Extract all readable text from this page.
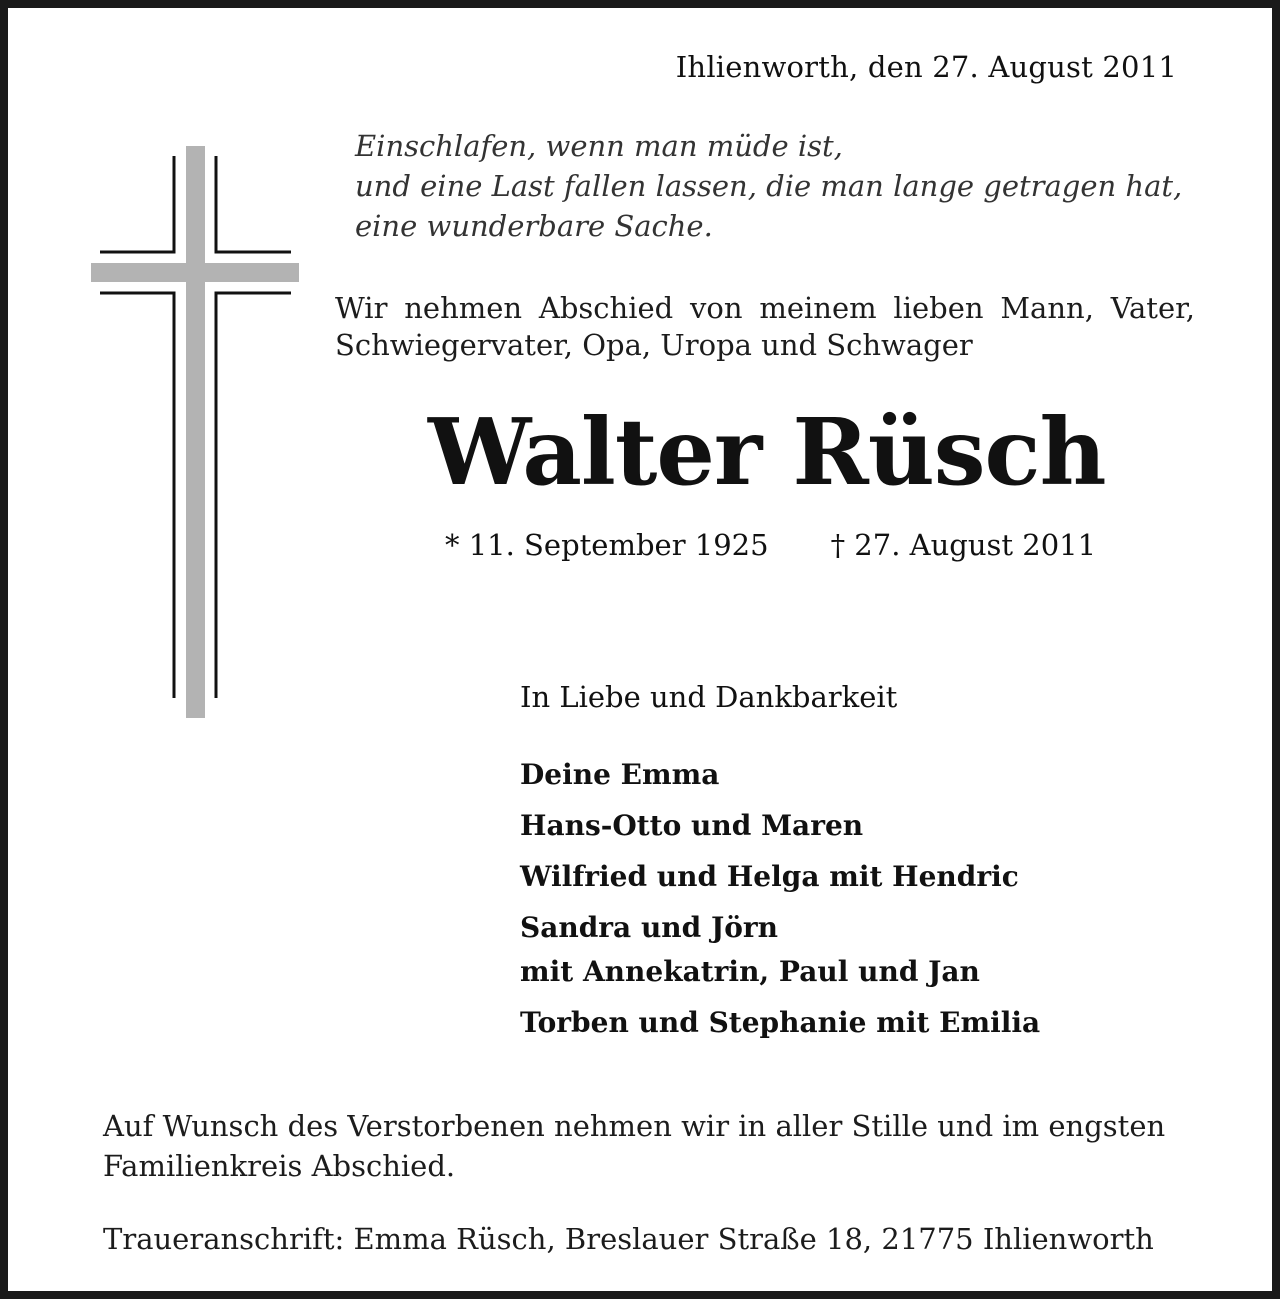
Ihlienworth, den 27. August 2011
Einschlafen, wenn man müde ist,
und eine Last fallen lassen, die man lange getragen hat,
eine wunderbare Sache.
Wir nehmen Abschied von meinem lieben Mann, Vater,
Schwiegervater, Opa, Uropa und Schwager
Walter Rüsch
* 11. September 1925 † 27. August 2011
In Liebe und Dankbarkeit
Deine Emma
Hans-Otto und Maren
Wilfried und Helga mit Hendric
Sandra und Jörn
mit Annekatrin, Paul und Jan
Torben und Stephanie mit Emilia
Auf Wunsch des Verstorbenen nehmen wir in aller Stille und im engsten Familienkreis Abschied.
Traueranschrift: Emma Rüsch, Breslauer Straße 18, 21775 Ihlienworth
